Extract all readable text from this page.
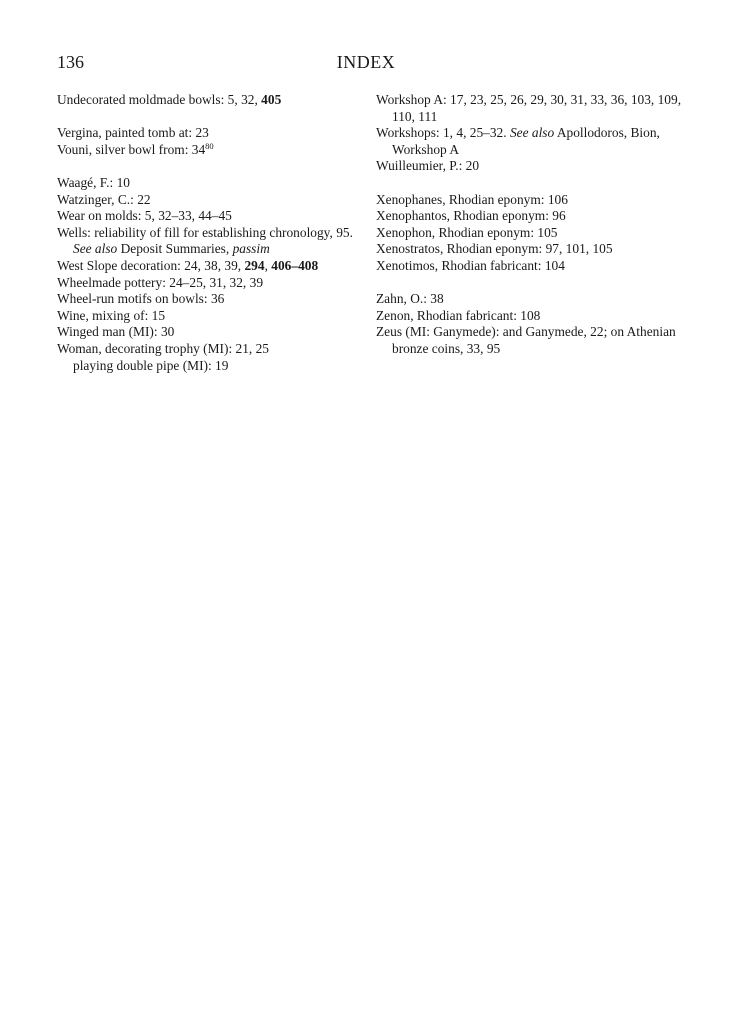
136	INDEX
Undecorated moldmade bowls: 5, 32, 405
Vergina, painted tomb at: 23
Vouni, silver bowl from: $34^{80}$
Waagé, F.: 10
Watzinger, C.: 22
Wear on molds: 5, 32–33, 44–45
Wells: reliability of fill for establishing chronology, 95. See also Deposit Summaries, passim
West Slope decoration: 24, 38, 39, 294, 406–408
Wheelmade pottery: 24–25, 31, 32, 39
Wheel-run motifs on bowls: 36
Wine, mixing of: 15
Winged man (MI): 30
Woman, decorating trophy (MI): 21, 25
playing double pipe (MI): 19
Workshop A: 17, 23, 25, 26, 29, 30, 31, 33, 36, 103, 109, 110, 111
Workshops: 1, 4, 25–32. See also Apollodoros, Bion, Workshop A
Wuilleumier, P.: 20
Xenophanes, Rhodian eponym: 106
Xenophantos, Rhodian eponym: 96
Xenophon, Rhodian eponym: 105
Xenostratos, Rhodian eponym: 97, 101, 105
Xenotimos, Rhodian fabricant: 104
Zahn, O.: 38
Zenon, Rhodian fabricant: 108
Zeus (MI: Ganymede): and Ganymede, 22; on Athenian bronze coins, 33, 95
